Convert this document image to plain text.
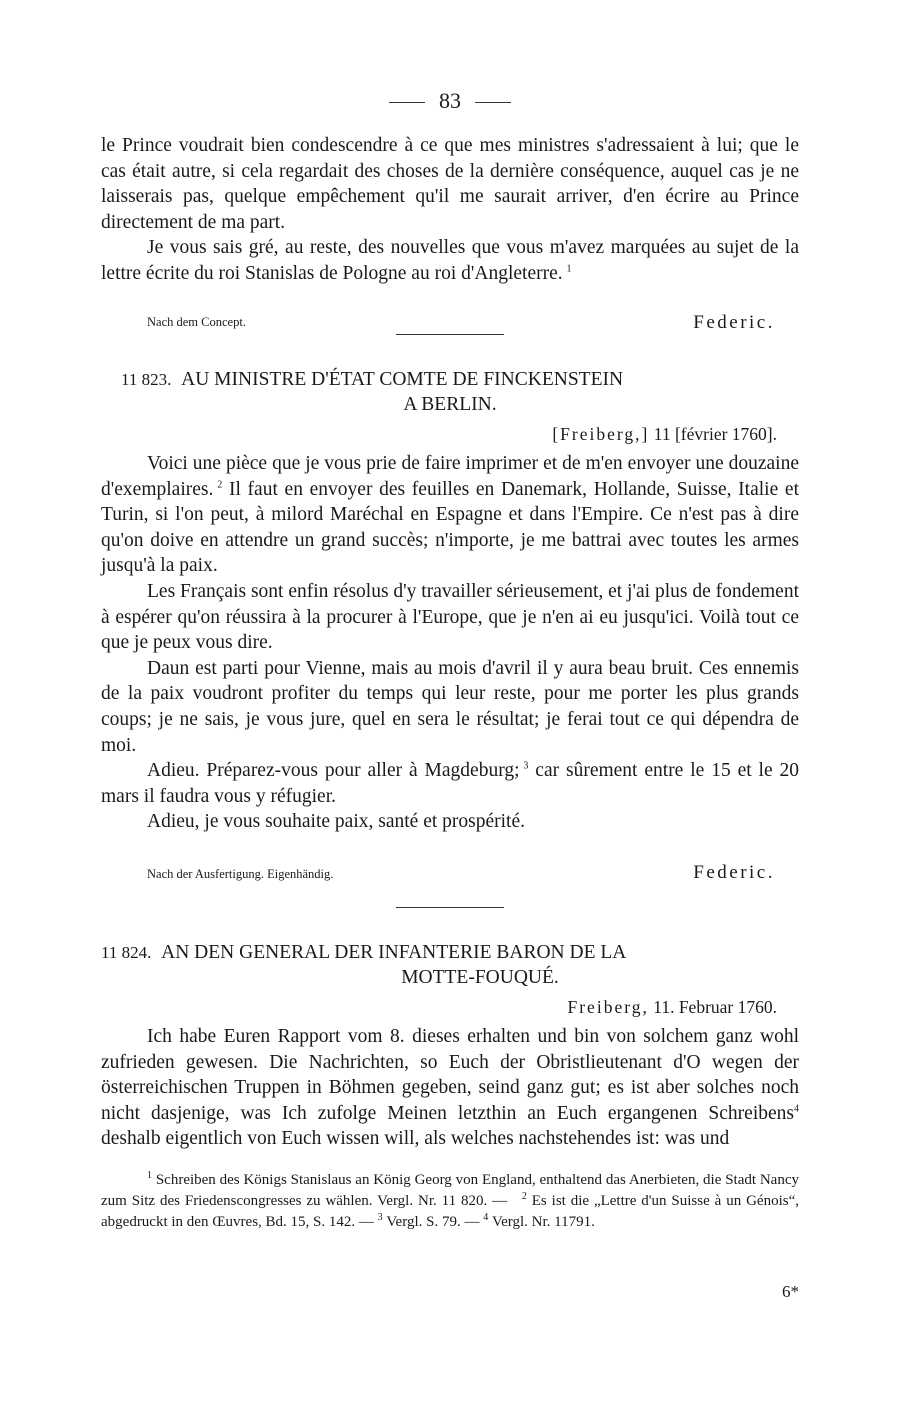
83

le Prince voudrait bien condescendre à ce que mes ministres s'adressaient à lui; que le cas était autre, si cela regardait des choses de la dernière conséquence, auquel cas je ne laisserais pas, quelque empêchement qu'il me saurait arriver, d'en écrire au Prince directement de ma part.

Je vous sais gré, au reste, des nouvelles que vous m'avez marquées au sujet de la lettre écrite du roi Stanislas de Pologne au roi d'Angleterre.  $^1$

Nach dem Concept.	Federic.
11 823. AU MINISTRE D'ÉTAT COMTE DE FINCKENSTEIN
A BERLIN.
[Freiberg,] 11 [février 1760].

Voici une pièce que je vous prie de faire imprimer et de m'en envoyer une douzaine d'exemplaires.  $^2$ Il faut en envoyer des feuilles en Danemark, Hollande, Suisse, Italie et Turin, si l'on peut, à milord Maréchal en Espagne et dans l'Empire. Ce n'est pas à dire qu'on doive en attendre un grand succès; n'importe, je me battrai avec toutes les armes jusqu'à la paix.

Les Français sont enfin résolus d'y travailler sérieusement, et j'ai plus de fondement à espérer qu'on réussira à la procurer à l'Europe, que je n'en ai eu jusqu'ici. Voilà tout ce que je peux vous dire.

Daun est parti pour Vienne, mais au mois d'avril il y aura beau bruit. Ces ennemis de la paix voudront profiter du temps qui leur reste, pour me porter les plus grands coups; je ne sais, je vous jure, quel en sera le résultat; je ferai tout ce qui dépendra de moi.

Adieu. Préparez-vous pour aller à Magdeburg;  $^3$ car sûrement entre le 15 et le 20 mars il faudra vous y réfugier.

Adieu, je vous souhaite paix, santé et prospérité.

Nach der Ausfertigung. Eigenhändig.	Federic.
11 824. AN DEN GENERAL DER INFANTERIE BARON DE LA
MOTTE-FOUQUÉ.
Freiberg, 11. Februar 1760.

Ich habe Euren Rapport vom 8. dieses erhalten und bin von solchem ganz wohl zufrieden gewesen. Die Nachrichten, so Euch der Obristlieutenant d'O wegen der österreichischen Truppen in Böhmen gegeben, seind ganz gut; es ist aber solches noch nicht dasjenige, was Ich zufolge Meinen letzthin an Euch ergangenen Schreibens$^4$ deshalb eigentlich von Euch wissen will, als welches nachstehendes ist: was und

$^1$ Schreiben des Königs Stanislaus an König Georg von England, enthaltend das Anerbieten, die Stadt Nancy zum Sitz des Friedenscongresses zu wählen. Vergl. Nr. 11 820. — $^2$ Es ist die „Lettre d'un Suisse à un Génois“, abgedruckt in den Œuvres, Bd. 15, S. 142. — $^3$ Vergl. S. 79. — $^4$ Vergl. Nr. 11791.

6*
